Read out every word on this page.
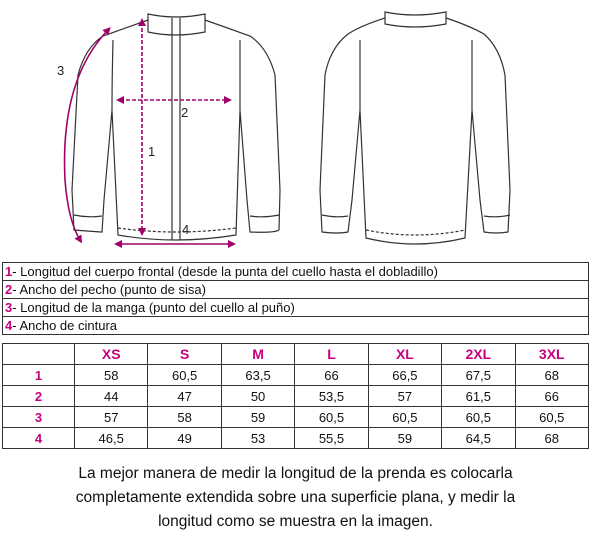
1
2
3
4
1- Longitud del cuerpo frontal (desde la punta del cuello hasta el dobladillo)
2- Ancho del pecho (punto de sisa)
3- Longitud de la manga (punto del cuello al puño)
4- Ancho de cintura
	XS	S	M	L	XL	2XL	3XL
1	58	60,5	63,5	66	66,5	67,5	68
2	44	47	50	53,5	57	61,5	66
3	57	58	59	60,5	60,5	60,5	60,5
4	46,5	49	53	55,5	59	64,5	68
La mejor manera de medir la longitud de la prenda es colocarla
completamente extendida sobre una superficie plana, y medir la
longitud como se muestra en la imagen.
